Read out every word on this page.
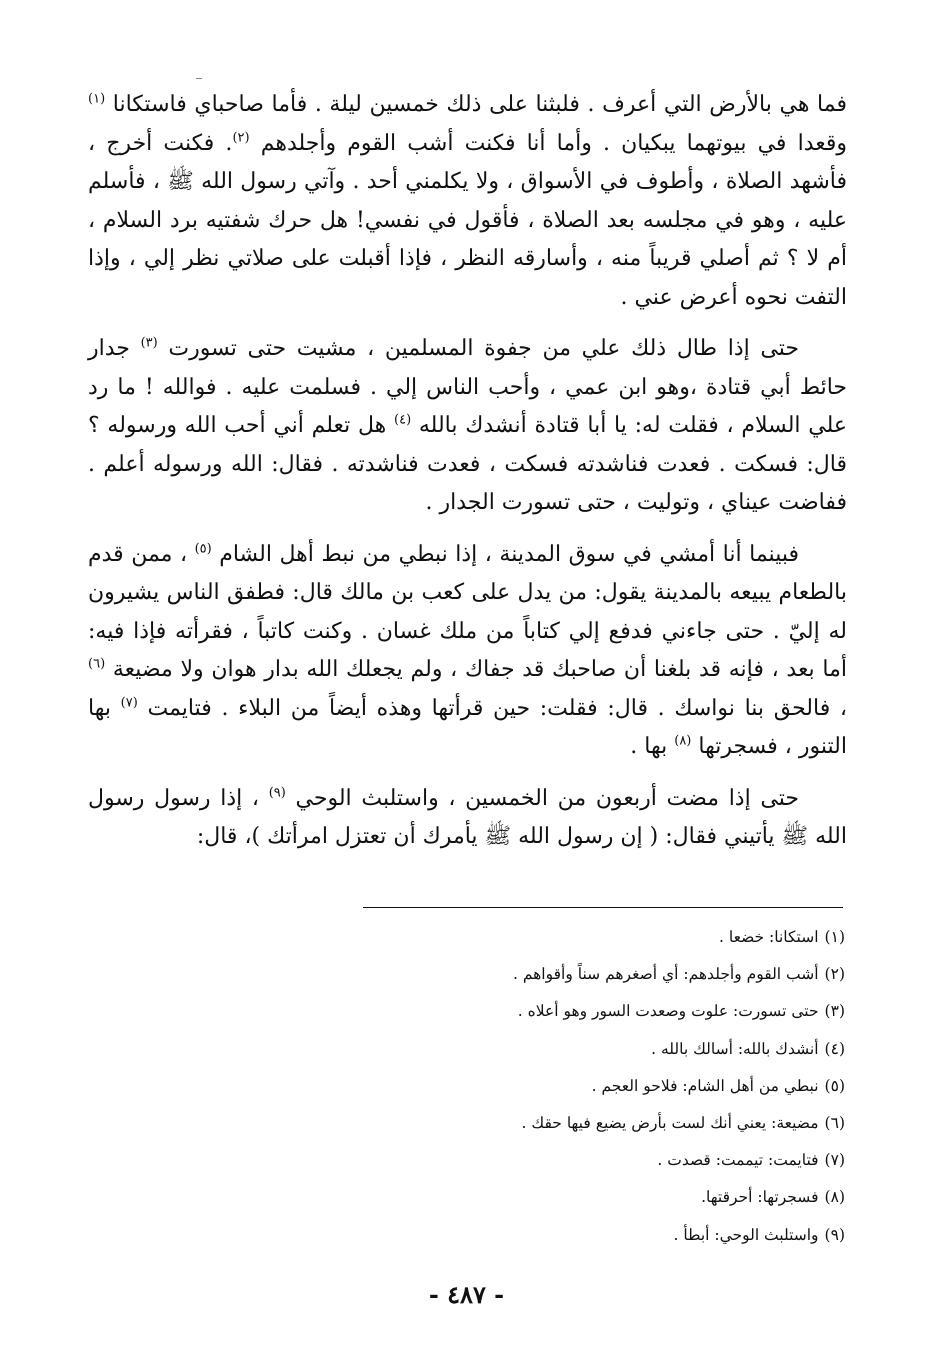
فما هي بالأرض التي أعرف . فلبثنا على ذلك خمسين ليلة . فأما صاحباي فاستكانا $^{(١)}$ وقعدا في بيوتهما يبكيان . وأما أنا فكنت أشب القوم وأجلدهم $^{(٢)}$. فكنت أخرج ، فأشهد الصلاة ، وأطوف في الأسواق ، ولا يكلمني أحد . وآتي رسول الله ﷺ ، فأسلم عليه ، وهو في مجلسه بعد الصلاة ، فأقول في نفسي! هل حرك شفتيه برد السلام ، أم لا ؟ ثم أصلي قريباً منه ، وأسارقه النظر ، فإذا أقبلت على صلاتي نظر إلي ، وإذا التفت نحوه أعرض عني .

حتى إذا طال ذلك علي من جفوة المسلمين ، مشيت حتى تسورت $^{(٣)}$ جدار حائط أبي قتادة ،وهو ابن عمي ، وأحب الناس إلي . فسلمت عليه . فوالله ! ما رد علي السلام ، فقلت له: يا أبا قتادة أنشدك بالله $^{(٤)}$ هل تعلم أني أحب الله ورسوله ؟ قال: فسكت . فعدت فناشدته فسكت ، فعدت فناشدته . فقال: الله ورسوله أعلم . ففاضت عيناي ، وتوليت ، حتى تسورت الجدار .

فبينما أنا أمشي في سوق المدينة ، إذا نبطي من نبط أهل الشام $^{(٥)}$ ، ممن قدم بالطعام يبيعه بالمدينة يقول: من يدل على كعب بن مالك قال: فطفق الناس يشيرون له إليّ . حتى جاءني فدفع إلي كتاباً من ملك غسان . وكنت كاتباً ، فقرأته فإذا فيه: أما بعد ، فإنه قد بلغنا أن صاحبك قد جفاك ، ولم يجعلك الله بدار هوان ولا مضيعة $^{(٦)}$ ، فالحق بنا نواسك . قال: فقلت: حين قرأتها وهذه أيضاً من البلاء . فتايمت $^{(٧)}$ بها التنور ، فسجرتها $^{(٨)}$ بها .

حتى إذا مضت أربعون من الخمسين ، واستلبث الوحي $^{(٩)}$ ، إذا رسول رسول الله ﷺ يأتيني فقال: ( إن رسول الله ﷺ يأمرك أن تعتزل امرأتك )، قال:

(١)استكانا: خضعا .
(٢)أشب القوم وأجلدهم: أي أصغرهم سناً وأقواهم .
(٣)حتى تسورت: علوت وصعدت السور وهو أعلاه .
(٤)أنشدك بالله: أسالك بالله .
(٥)نبطي من أهل الشام: فلاحو العجم .
(٦)مضيعة: يعني أنك لست بأرض يضيع فيها حقك .
(٧)فتايمت: تيممت: قصدت .
(٨)فسجرتها: أحرقتها.
(٩)واستلبث الوحي: أبطأ .
- ٤٨٧ -
